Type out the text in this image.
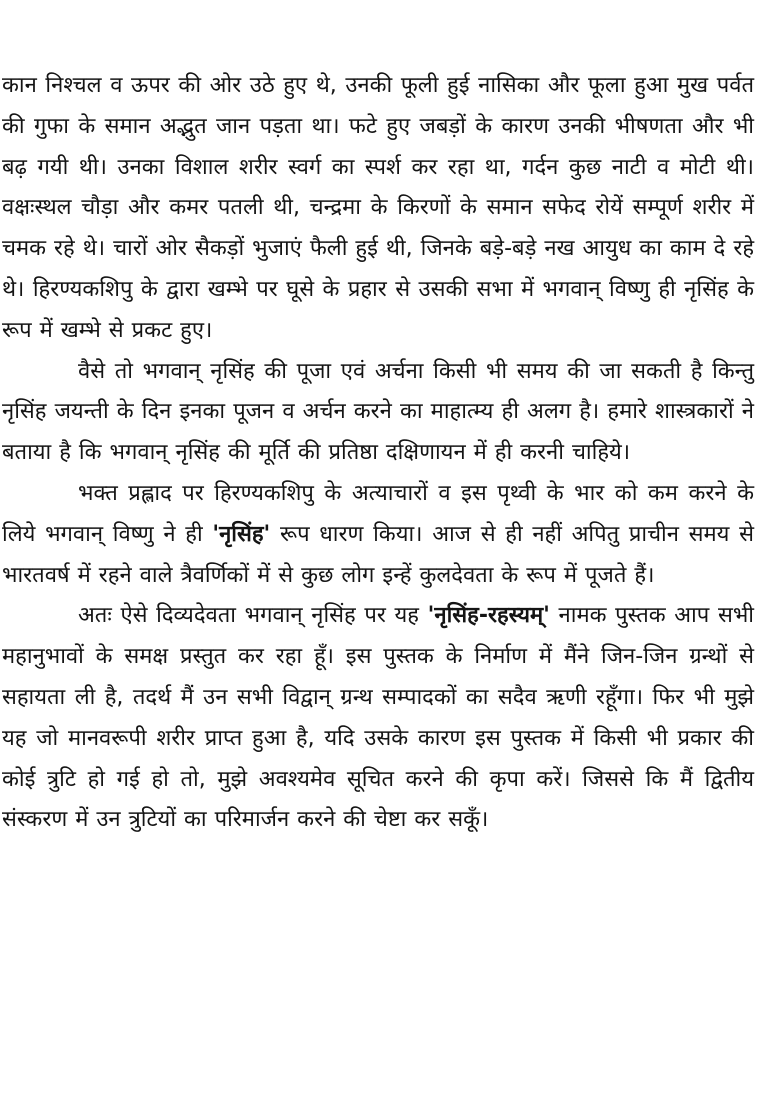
कान निश्चल व ऊपर की ओर उठे हुए थे, उनकी फूली हुई नासिका और फूला हुआ मुख पर्वत की गुफा के समान अद्भुत जान पड़ता था। फटे हुए जबड़ों के कारण उनकी भीषणता और भी बढ़ गयी थी। उनका विशाल शरीर स्वर्ग का स्पर्श कर रहा था, गर्दन कुछ नाटी व मोटी थी। वक्षःस्थल चौड़ा और कमर पतली थी, चन्द्रमा के किरणों के समान सफेद रोयें सम्पूर्ण शरीर में चमक रहे थे। चारों ओर सैकड़ों भुजाएं फैली हुई थी, जिनके बड़े-बड़े नख आयुध का काम दे रहे थे। हिरण्यकशिपु के द्वारा खम्भे पर घूसे के प्रहार से उसकी सभा में भगवान् विष्णु ही नृसिंह के रूप में खम्भे से प्रकट हुए।

वैसे तो भगवान् नृसिंह की पूजा एवं अर्चना किसी भी समय की जा सकती है किन्तु नृसिंह जयन्ती के दिन इनका पूजन व अर्चन करने का माहात्म्य ही अलग है। हमारे शास्त्रकारों ने बताया है कि भगवान् नृसिंह की मूर्ति की प्रतिष्ठा दक्षिणायन में ही करनी चाहिये।

भक्त प्रह्लाद पर हिरण्यकशिपु के अत्याचारों व इस पृथ्वी के भार को कम करने के लिये भगवान् विष्णु ने ही 'नृसिंह' रूप धारण किया। आज से ही नहीं अपितु प्राचीन समय से भारतवर्ष में रहने वाले त्रैवर्णिकों में से कुछ लोग इन्हें कुलदेवता के रूप में पूजते हैं।

अतः ऐसे दिव्यदेवता भगवान् नृसिंह पर यह 'नृसिंह-रहस्यम्' नामक पुस्तक आप सभी महानुभावों के समक्ष प्रस्तुत कर रहा हूँ। इस पुस्तक के निर्माण में मैंने जिन-जिन ग्रन्थों से सहायता ली है, तदर्थ मैं उन सभी विद्वान् ग्रन्थ सम्पादकों का सदैव ऋणी रहूँगा। फिर भी मुझे यह जो मानवरूपी शरीर प्राप्त हुआ है, यदि उसके कारण इस पुस्तक में किसी भी प्रकार की कोई त्रुटि हो गई हो तो, मुझे अवश्यमेव सूचित करने की कृपा करें। जिससे कि मैं द्वितीय संस्करण में उन त्रुटियों का परिमार्जन करने की चेष्टा कर सकूँ।
